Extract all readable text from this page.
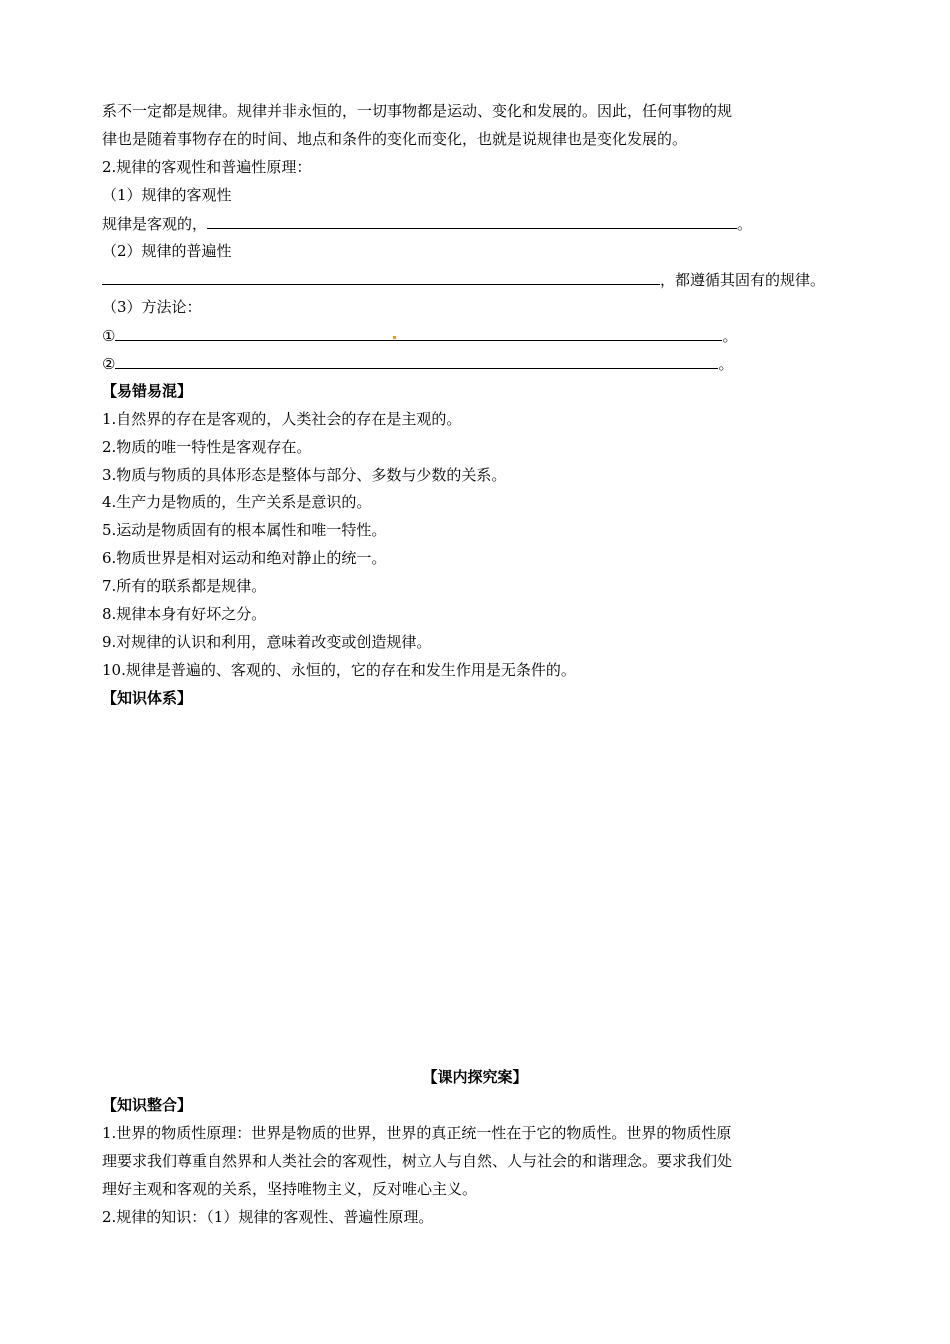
系不一定都是规律。规律并非永恒的，一切事物都是运动、变化和发展的。因此，任何事物的规
律也是随着事物存在的时间、地点和条件的变化而变化，也就是说规律也是变化发展的。
2.规律的客观性和普遍性原理：
（1）规律的客观性
规律是客观的，	。
（2）规律的普遍性
，都遵循其固有的规律。
（3）方法论：
①	。
②	。
【易错易混】
1.自然界的存在是客观的，人类社会的存在是主观的。
2.物质的唯一特性是客观存在。
3.物质与物质的具体形态是整体与部分、多数与少数的关系。
4.生产力是物质的，生产关系是意识的。
5.运动是物质固有的根本属性和唯一特性。
6.物质世界是相对运动和绝对静止的统一。
7.所有的联系都是规律。
8.规律本身有好坏之分。
9.对规律的认识和利用，意味着改变或创造规律。
10.规律是普遍的、客观的、永恒的，它的存在和发生作用是无条件的。
【知识体系】
【课内探究案】
【知识整合】
1.世界的物质性原理：世界是物质的世界，世界的真正统一性在于它的物质性。世界的物质性原
理要求我们尊重自然界和人类社会的客观性，树立人与自然、人与社会的和谐理念。要求我们处
理好主观和客观的关系，坚持唯物主义，反对唯心主义。
2.规律的知识：（1）规律的客观性、普遍性原理。
